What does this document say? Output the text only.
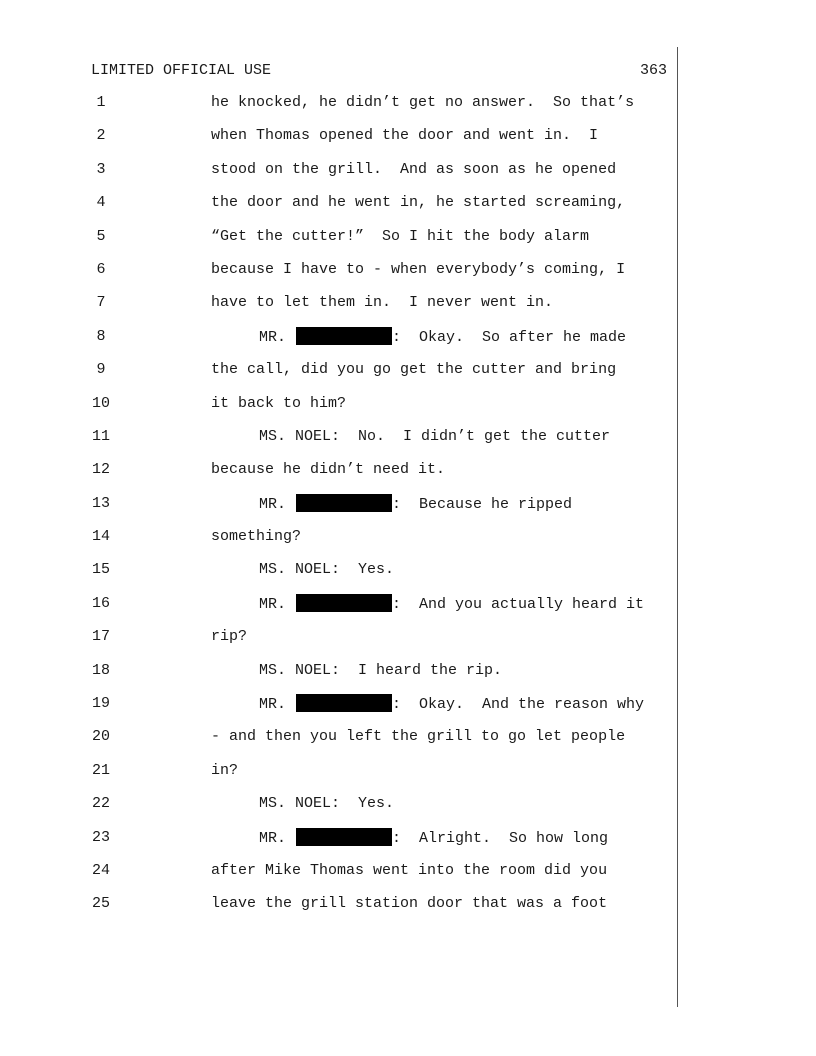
LIMITED OFFICIAL USE	363
1	he knocked, he didn’t get no answer.  So that’s
2	when Thomas opened the door and went in.  I
3	stood on the grill.  And as soon as he opened
4	the door and he went in, he started screaming,
5	“Get the cutter!”  So I hit the body alarm
6	because I have to - when everybody’s coming, I
7	have to let them in.  I never went in.
8	MR.	:  Okay.  So after he made
9	the call, did you go get the cutter and bring
10	it back to him?
11	MS. NOEL:  No.  I didn’t get the cutter
12	because he didn’t need it.
13	MR.	:  Because he ripped
14	something?
15	MS. NOEL:  Yes.
16	MR.	:  And you actually heard it
17	rip?
18	MS. NOEL:  I heard the rip.
19	MR.	:  Okay.  And the reason why
20	- and then you left the grill to go let people
21	in?
22	MS. NOEL:  Yes.
23	MR.	:  Alright.  So how long
24	after Mike Thomas went into the room did you
25	leave the grill station door that was a foot
